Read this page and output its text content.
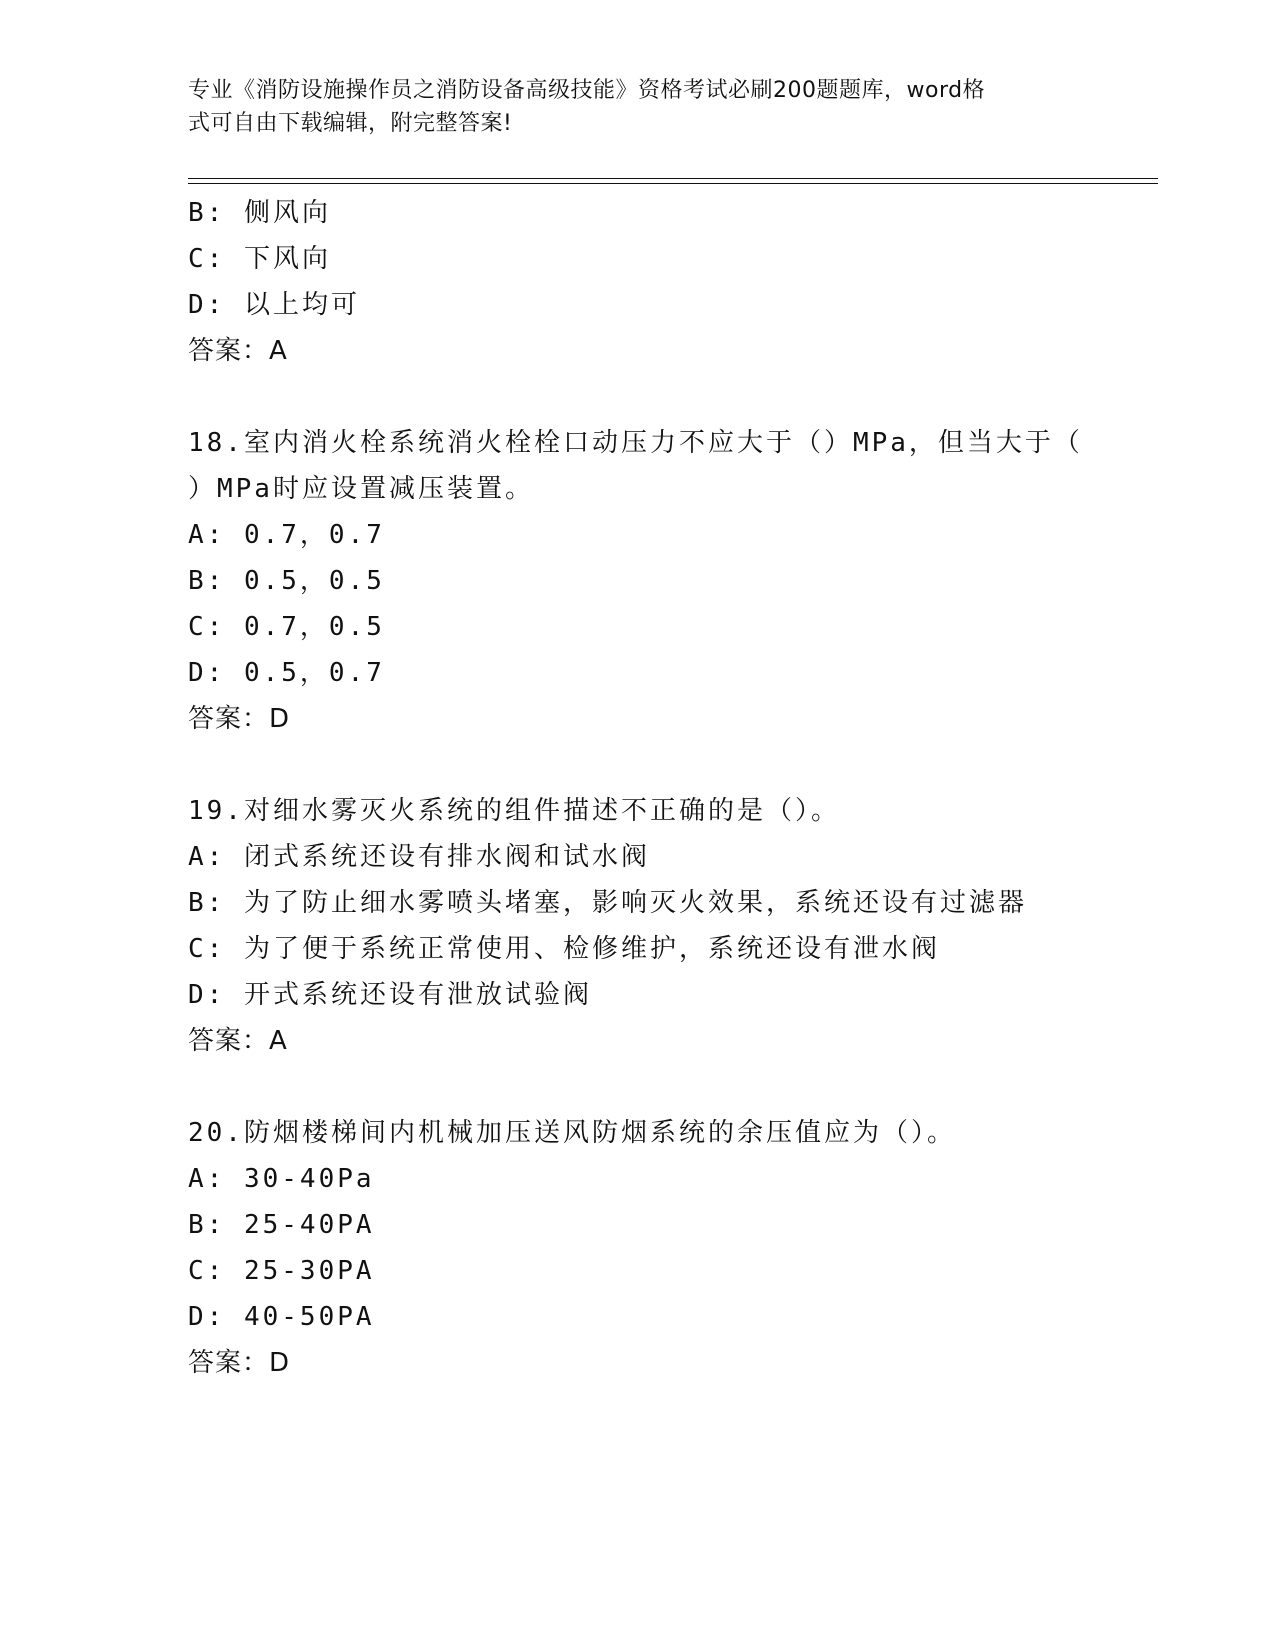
专业《消防设施操作员之消防设备高级技能》资格考试必刷200题题库，word格
式可自由下载编辑，附完整答案!
B: 侧风向
C: 下风向
D: 以上均可
答案：A
18.室内消火栓系统消火栓栓口动压力不应大于（）MPa，但当大于（
）MPa时应设置减压装置。
A: 0.7，0.7
B: 0.5，0.5
C: 0.7，0.5
D: 0.5，0.7
答案：D
19.对细水雾灭火系统的组件描述不正确的是（）。
A: 闭式系统还设有排水阀和试水阀
B: 为了防止细水雾喷头堵塞，影响灭火效果，系统还设有过滤器
C: 为了便于系统正常使用、检修维护，系统还设有泄水阀
D: 开式系统还设有泄放试验阀
答案：A
20.防烟楼梯间内机械加压送风防烟系统的余压值应为（）。
A: 30-40Pa
B: 25-40PA
C: 25-30PA
D: 40-50PA
答案：D
